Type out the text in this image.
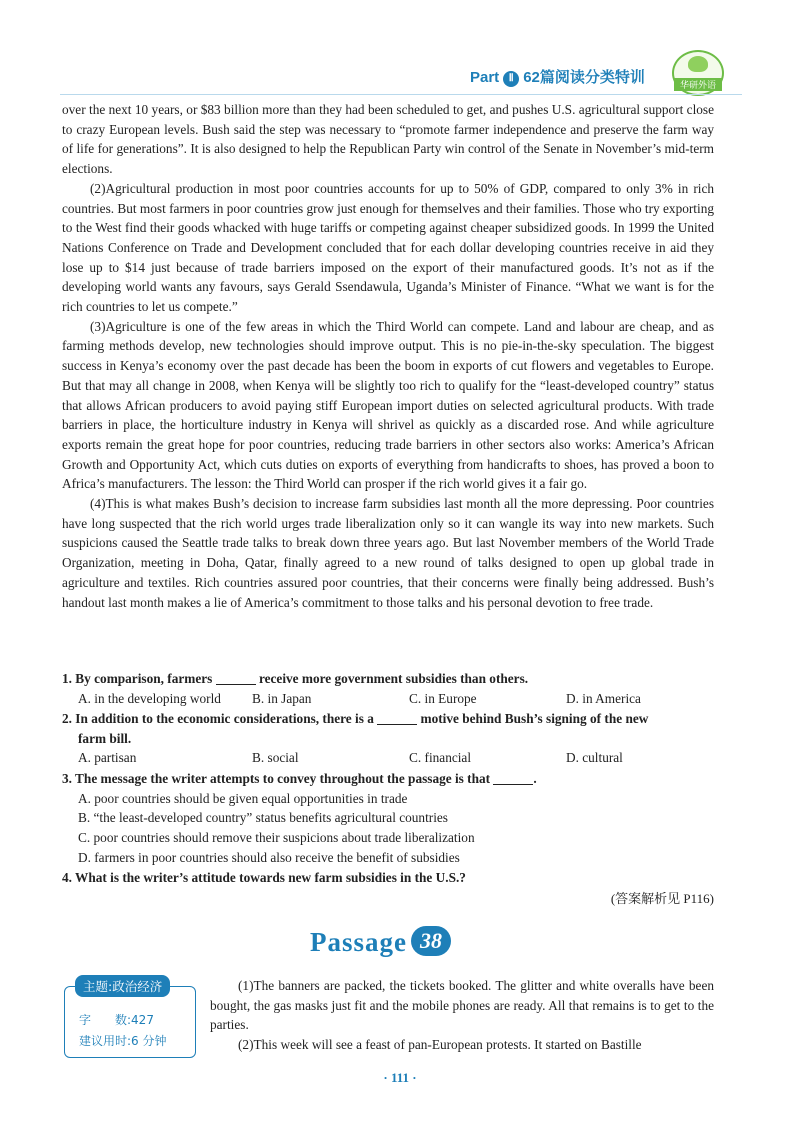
Part Ⅱ 62篇阅读分类特训	华研外语

over the next 10 years, or $83 billion more than they had been scheduled to get, and pushes U.S. agricultural support close to crazy European levels. Bush said the step was necessary to “promote farmer independence and preserve the farm way of life for generations”. It is also designed to help the Republican Party win control of the Senate in November’s mid-term elections.

(2)Agricultural production in most poor countries accounts for up to 50% of GDP, compared to only 3% in rich countries. But most farmers in poor countries grow just enough for themselves and their families. Those who try exporting to the West find their goods whacked with huge tariffs or competing against cheaper subsidized goods. In 1999 the United Nations Conference on Trade and Development concluded that for each dollar developing countries receive in aid they lose up to $14 just because of trade barriers imposed on the export of their manufactured goods. It’s not as if the developing world wants any favours, says Gerald Ssendawula, Uganda’s Minister of Finance. “What we want is for the rich countries to let us compete.”

(3)Agriculture is one of the few areas in which the Third World can compete. Land and labour are cheap, and as farming methods develop, new technologies should improve output. This is no pie-in-the-sky speculation. The biggest success in Kenya’s economy over the past decade has been the boom in exports of cut flowers and vegetables to Europe. But that may all change in 2008, when Kenya will be slightly too rich to qualify for the “least-developed country” status that allows African producers to avoid paying stiff European import duties on selected agricultural products. With trade barriers in place, the horticulture industry in Kenya will shrivel as quickly as a discarded rose. And while agriculture exports remain the great hope for poor countries, reducing trade barriers in other sectors also works: America’s African Growth and Opportunity Act, which cuts duties on exports of everything from handicrafts to shoes, has proved a boon to Africa’s manufacturers. The lesson: the Third World can prosper if the rich world gives it a fair go.

(4)This is what makes Bush’s decision to increase farm subsidies last month all the more depressing. Poor countries have long suspected that the rich world urges trade liberalization only so it can wangle its way into new markets. Such suspicions caused the Seattle trade talks to break down three years ago. But last November members of the World Trade Organization, meeting in Doha, Qatar, finally agreed to a new round of talks designed to open up global trade in agriculture and textiles. Rich countries assured poor countries, that their concerns were finally being addressed. Bush’s handout last month makes a lie of America’s commitment to those talks and his personal devotion to free trade.

1. By comparison, farmers	receive more government subsidies than others.
A. in the developing world	B. in Japan	C. in Europe	D. in America
2. In addition to the economic considerations, there is a	motive behind Bush’s signing of the new
farm bill.
A. partisan	B. social	C. financial	D. cultural
3. The message the writer attempts to convey throughout the passage is that	.
A. poor countries should be given equal opportunities in trade
B. “the least-developed country” status benefits agricultural countries
C. poor countries should remove their suspicions about trade liberalization
D. farmers in poor countries should also receive the benefit of subsidies
4. What is the writer’s attitude towards new farm subsidies in the U.S.?
(答案解析见 P116)
Passage 38
主题:政治经济
字　　数:427
建议用时:6 分钟

(1)The banners are packed, the tickets booked. The glitter and white overalls have been bought, the gas masks just fit and the mobile phones are ready. All that remains is to get to the parties.

(2)This week will see a feast of pan-European protests. It started on Bastille

· 111 ·
